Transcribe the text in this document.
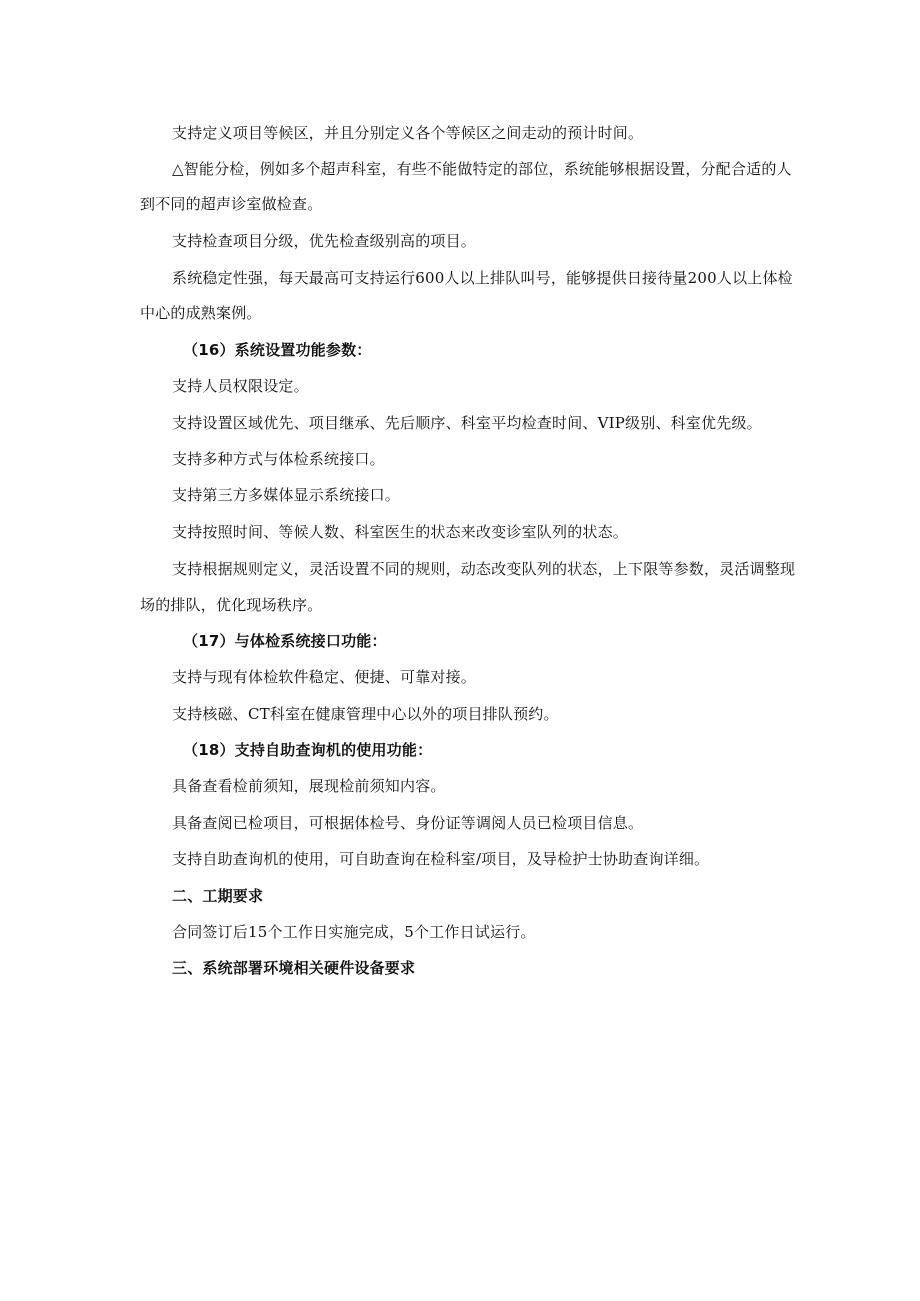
支持定义项目等候区，并且分别定义各个等候区之间走动的预计时间。
△智能分检，例如多个超声科室，有些不能做特定的部位，系统能够根据设置，分配合适的人
到不同的超声诊室做检查。
支持检查项目分级，优先检查级别高的项目。
系统稳定性强，每天最高可支持运行600人以上排队叫号，能够提供日接待量200人以上体检
中心的成熟案例。
（16）系统设置功能参数：
支持人员权限设定。
支持设置区域优先、项目继承、先后顺序、科室平均检查时间、VIP级别、科室优先级。
支持多种方式与体检系统接口。
支持第三方多媒体显示系统接口。
支持按照时间、等候人数、科室医生的状态来改变诊室队列的状态。
支持根据规则定义，灵活设置不同的规则，动态改变队列的状态，上下限等参数，灵活调整现
场的排队，优化现场秩序。
（17）与体检系统接口功能：
支持与现有体检软件稳定、便捷、可靠对接。
支持核磁、CT科室在健康管理中心以外的项目排队预约。
（18）支持自助查询机的使用功能：
具备查看检前须知，展现检前须知内容。
具备查阅已检项目，可根据体检号、身份证等调阅人员已检项目信息。
支持自助查询机的使用，可自助查询在检科室/项目，及导检护士协助查询详细。
二、工期要求
合同签订后15个工作日实施完成，5个工作日试运行。
三、系统部署环境相关硬件设备要求
